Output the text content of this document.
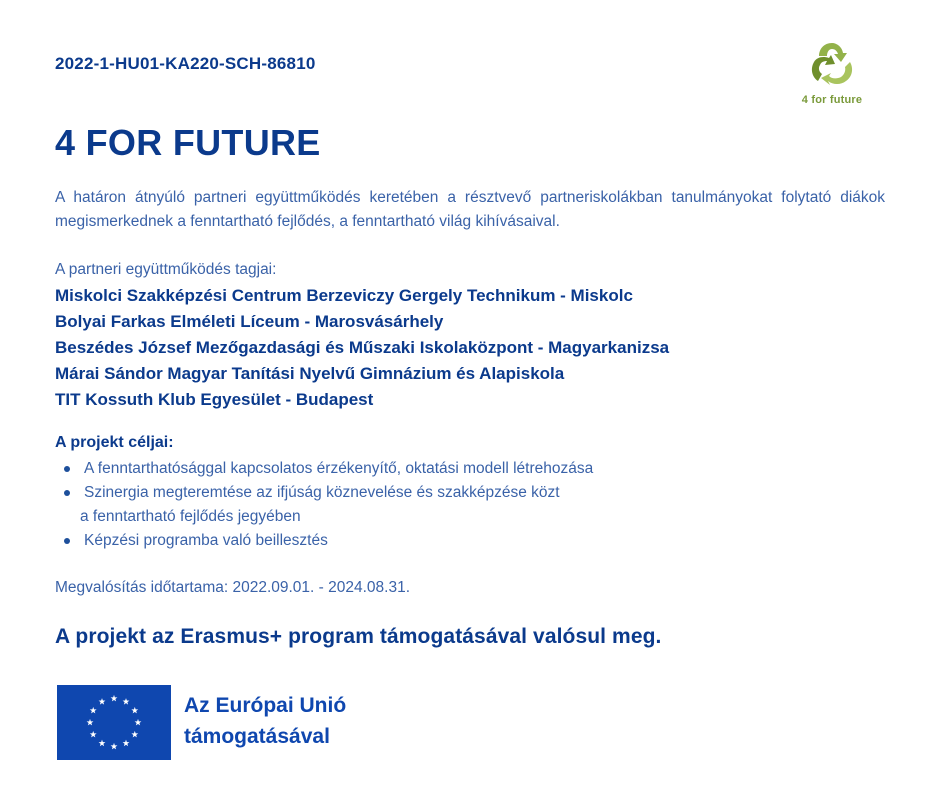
2022-1-HU01-KA220-SCH-86810
4 for future
4 FOR FUTURE
A határon átnyúló partneri együttműködés keretében a résztvevő partneriskolákban tanulmányokat folytató diákok megismerkednek a fenntartható fejlődés, a fenntartható világ kihívásaival.
A partneri együttműködés tagjai:
Miskolci Szakképzési Centrum Berzeviczy Gergely Technikum - Miskolc
Bolyai Farkas Elméleti Líceum - Marosvásárhely
Beszédes József Mezőgazdasági és Műszaki Iskolaközpont - Magyarkanizsa
Márai Sándor Magyar Tanítási Nyelvű Gimnázium és Alapiskola
TIT Kossuth Klub Egyesület - Budapest
A projekt céljai:
A fenntarthatósággal kapcsolatos érzékenyítő, oktatási modell létrehozása
Szinergia megteremtése az ifjúság köznevelése és szakképzése közt
a fenntartható fejlődés jegyében
Képzési programba való beillesztés
Megvalósítás időtartama: 2022.09.01. - 2024.08.31.
A projekt az Erasmus+ program támogatásával valósul meg.
Az Európai Unió
támogatásával
